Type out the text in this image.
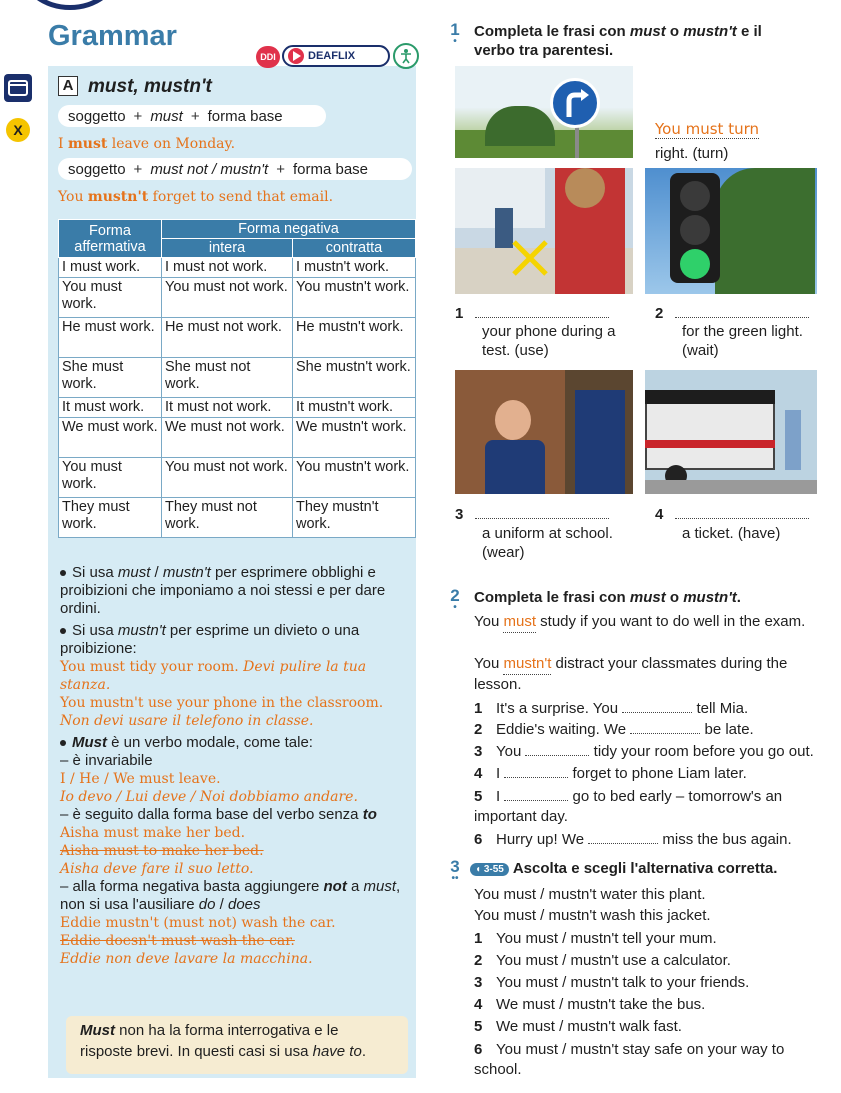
Grammar
DDI	DEAFLIX
X
A must, mustn't
soggetto + must + forma base
I must leave on Monday.
soggetto + must not / mustn't + forma base
You mustn't forget to send that email.
Forma affermativa	Forma negativa	
	intera	contratta
I must work.	I must not work.	I mustn't work.
You must work.	You must not work.	You mustn't work.
He must work.	He must not work.	He mustn't work.
She must work.	She must not work.	She mustn't work.
It must work.	It must not work.	It mustn't work.
We must work.	We must not work.	We mustn't work.
You must work.	You must not work.	You mustn't work.
They must work.	They must not work.	They mustn't work.

Si usa must / mustn't per esprimere obblighi e proibizioni che imponiamo a noi stessi e per dare ordini.

Si usa mustn't per esprime un divieto o una proibizione:

You must tidy your room. Devi pulire la tua stanza.

You mustn't use your phone in the classroom.

Non devi usare il telefono in classe.

Must è un verbo modale, come tale:

– è invariabile

I / He / We must leave.

Io devo / Lui deve / Noi dobbiamo andare.

– è seguito dalla forma base del verbo senza to

Aisha must make her bed.

Aisha must to make her bed.

Aisha deve fare il suo letto.

– alla forma negativa basta aggiungere not a must, non si usa l'ausiliare do / does

Eddie mustn't (must not) wash the car.

Eddie doesn't must wash the car.

Eddie non deve lavare la macchina.

Must non ha la forma interrogativa e le risposte brevi. In questi casi si usa have to.
1
•
Completa le frasi con must o mustn't e il verbo tra parentesi.
You must turn
right. (turn)
1
your phone during a test. (use)
2
for the green light. (wait)
3
a uniform at school. (wear)
4
a ticket. (have)
2
•
Completa le frasi con must o mustn't.
You must study if you want to do well in the exam.
You mustn't distract your classmates during the lesson.
1 It's a surprise. You	tell Mia.
2 Eddie's waiting. We	be late.
3 You	tidy your room before you go out.
4 I	forget to phone Liam later.
5 I	go to bed early – tomorrow's an important day.
6 Hurry up! We	miss the bus again.
3
••
◖ 3-55 Ascolta e scegli l'alternativa corretta.
You must / mustn't water this plant.
You must / mustn't wash this jacket.
1 You must / mustn't tell your mum.
2 You must / mustn't use a calculator.
3 You must / mustn't talk to your friends.
4 We must / mustn't take the bus.
5 We must / mustn't walk fast.
6 You must / mustn't stay safe on your way to school.
